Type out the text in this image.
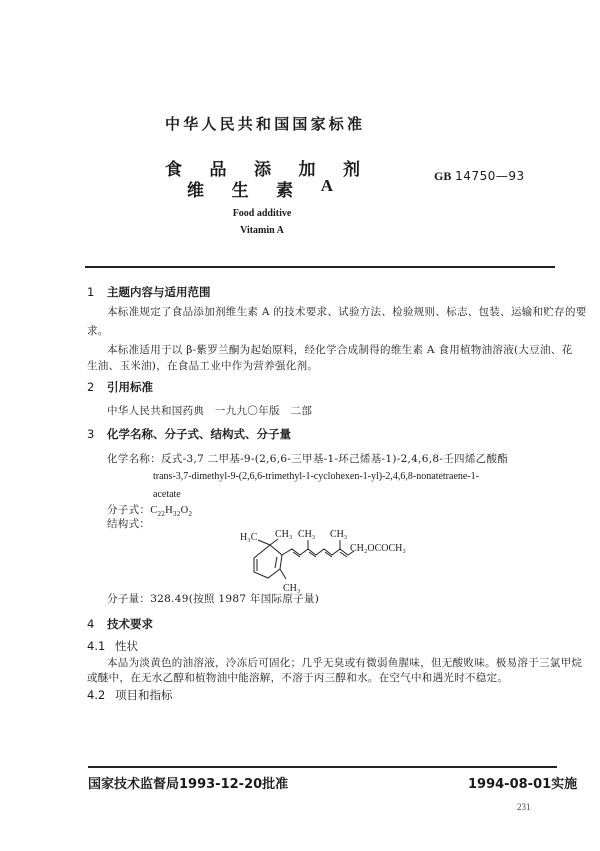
中华人民共和国国家标准
食 品 添 加 剂
维 生 素 A
Food additive
Vitamin A
GB 14750—93
1 主题内容与适用范围
本标准规定了食品添加剂维生素 A 的技术要求、试验方法、检验规则、标志、包装、运输和贮存的要
求。
本标准适用于以 β-紫罗兰酮为起始原料，经化学合成制得的维生素 A 食用植物油溶液(大豆油、花
生油、玉米油)，在食品工业中作为营养强化剂。
2 引用标准
中华人民共和国药典　一九九〇年版　二部
3 化学名称、分子式、结构式、分子量
化学名称：反式-3,7 二甲基-9-(2,6,6-三甲基-1-环己烯基-1)-2,4,6,8-壬四烯乙酸酯
trans-3,7-dimethyl-9-(2,6,6-trimethyl-1-cyclohexen-1-yl)-2,4,6,8-nonatetraene-1-
acetate
分子式：$C_{22}H_{32}O_2$
结构式：
H₃C CH₃ CH₃ CH₃
CH₂OCOCH₃
CH₃
分子量：328.49(按照 1987 年国际原子量)
4 技术要求
4.1 性状
本品为淡黄色的油溶液，冷冻后可固化；几乎无臭或有微弱鱼腥味，但无酸败味。极易溶于三氯甲烷
或醚中，在无水乙醇和植物油中能溶解，不溶于丙三醇和水。在空气中和遇光时不稳定。
4.2 项目和指标
国家技术监督局1993-12-20批准	1994-08-01实施
231
